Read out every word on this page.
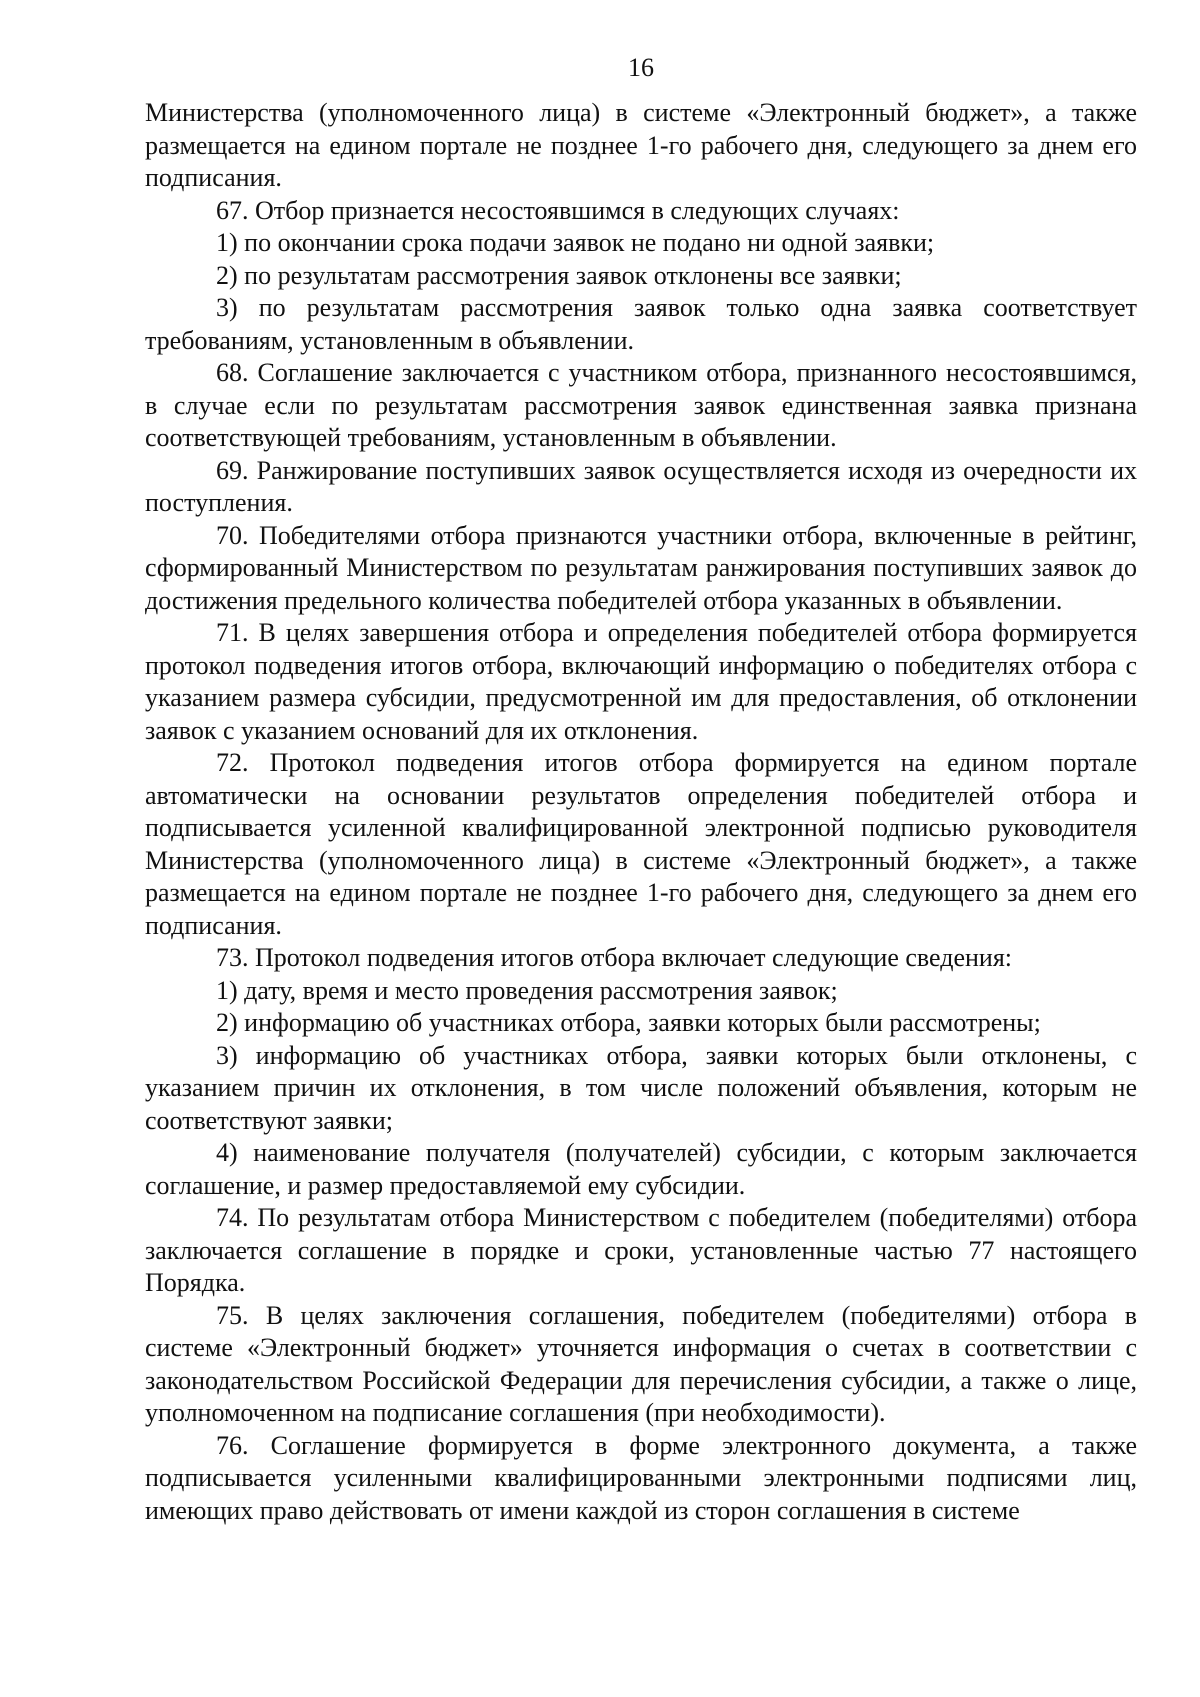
16

Министерства (уполномоченного лица) в системе «Электронный бюджет», а также размещается на едином портале не позднее 1-го рабочего дня, следующего за днем его подписания.

67. Отбор признается несостоявшимся в следующих случаях:

1) по окончании срока подачи заявок не подано ни одной заявки;

2) по результатам рассмотрения заявок отклонены все заявки;

3) по результатам рассмотрения заявок только одна заявка соответствует требованиям, установленным в объявлении.

68. Соглашение заключается с участником отбора, признанного несостоявшимся, в случае если по результатам рассмотрения заявок единственная заявка признана соответствующей требованиям, установленным в объявлении.

69. Ранжирование поступивших заявок осуществляется исходя из очередности их поступления.

70. Победителями отбора признаются участники отбора, включенные в рейтинг, сформированный Министерством по результатам ранжирования поступивших заявок до достижения предельного количества победителей отбора указанных в объявлении.

71. В целях завершения отбора и определения победителей отбора формируется протокол подведения итогов отбора, включающий информацию о победителях отбора с указанием размера субсидии, предусмотренной им для предоставления, об отклонении заявок с указанием оснований для их отклонения.

72. Протокол подведения итогов отбора формируется на едином портале автоматически на основании результатов определения победителей отбора и подписывается усиленной квалифицированной электронной подписью руководителя Министерства (уполномоченного лица) в системе «Электронный бюджет», а также размещается на едином портале не позднее 1-го рабочего дня, следующего за днем его подписания.

73. Протокол подведения итогов отбора включает следующие сведения:

1) дату, время и место проведения рассмотрения заявок;

2) информацию об участниках отбора, заявки которых были рассмотрены;

3) информацию об участниках отбора, заявки которых были отклонены, с указанием причин их отклонения, в том числе положений объявления, которым не соответствуют заявки;

4) наименование получателя (получателей) субсидии, с которым заключается соглашение, и размер предоставляемой ему субсидии.

74. По результатам отбора Министерством с победителем (победителями) отбора заключается соглашение в порядке и сроки, установленные частью 77 настоящего Порядка.

75. В целях заключения соглашения, победителем (победителями) отбора в системе «Электронный бюджет» уточняется информация о счетах в соответствии с законодательством Российской Федерации для перечисления субсидии, а также о лице, уполномоченном на подписание соглашения (при необходимости).

76. Соглашение формируется в форме электронного документа, а также подписывается усиленными квалифицированными электронными подписями лиц, имеющих право действовать от имени каждой из сторон соглашения в системе
